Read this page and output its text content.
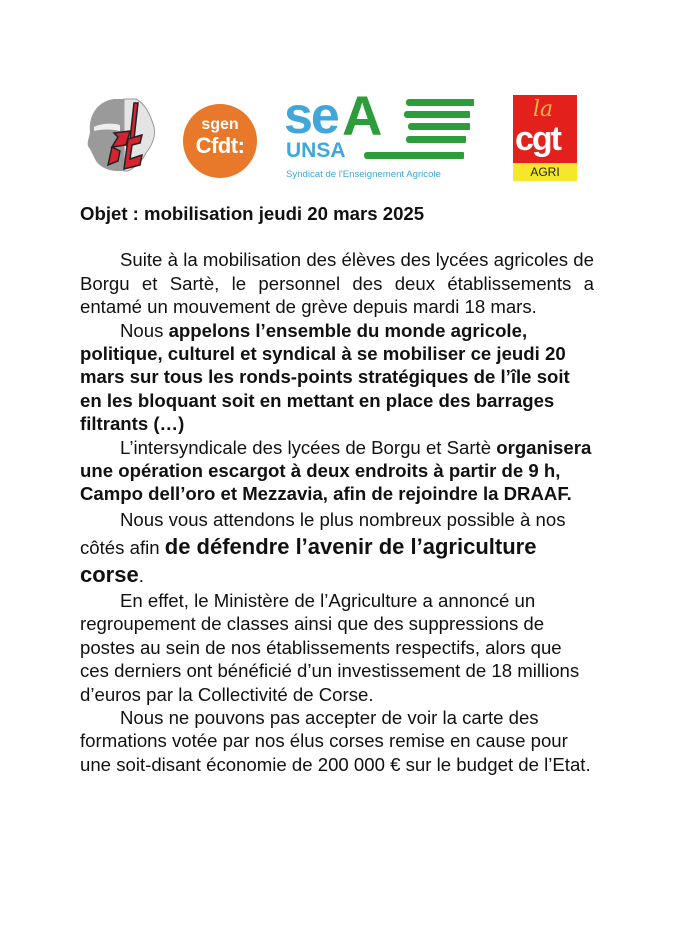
sgen
Cfdt:
se A
UNSA
Syndicat de l'Enseignement Agricole
la
cgt
AGRI
Objet : mobilisation jeudi 20 mars 2025

Suite à la mobilisation des élèves des lycées agricoles de Borgu et Sartè, le personnel des deux établissements a entamé un mouvement de grève depuis mardi 18 mars.

Nous appelons l’ensemble du monde agricole, politique, culturel et syndical à se mobiliser ce jeudi 20 mars sur tous les ronds-points stratégiques de l’île soit en les bloquant soit en mettant en place des barrages filtrants (…)

L’intersyndicale des lycées de Borgu et Sartè organisera une opération escargot à deux endroits à partir de 9 h, Campo dell’oro et Mezzavia, afin de rejoindre la DRAAF.

Nous vous attendons le plus nombreux possible à nos côtés afin de défendre l’avenir de l’agriculture corse.

En effet, le Ministère de l’Agriculture a annoncé un regroupement de classes ainsi que des suppressions de postes au sein de nos établissements respectifs, alors que ces derniers ont bénéficié d’un investissement de 18 millions d’euros par la Collectivité de Corse.

Nous ne pouvons pas accepter de voir la carte des formations votée par nos élus corses remise en cause pour une soit-disant économie de 200 000 € sur le budget de l’Etat.
